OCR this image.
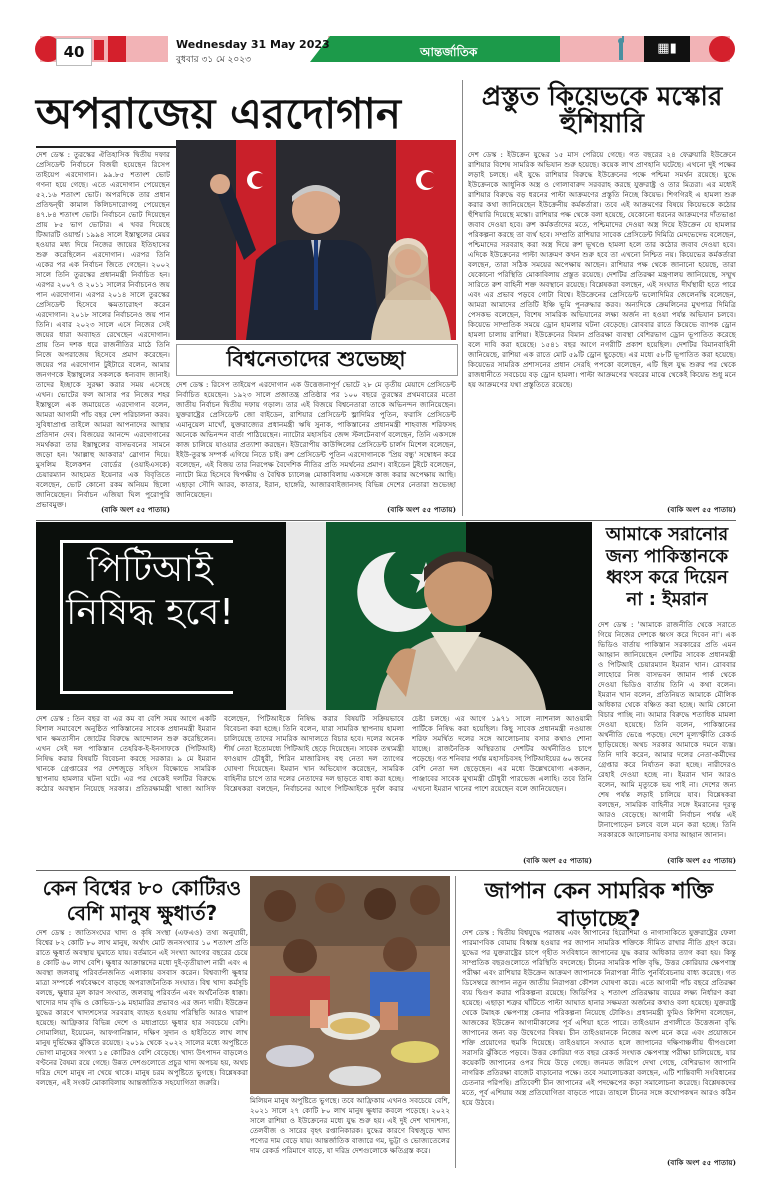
40	Wednesday 31 May 2023
বুধবার ৩১ মে ২০২৩
আন্তর্জাতিক	▦▮
অপরাজেয় এরদোগান
দেশ ডেস্ক : তুরস্কের ঐতিহাসিক দ্বিতীয় দফার প্রেসিডেন্ট নির্বাচনে বিজয়ী হয়েছেন রিসেপ তাইয়েপ এরদোগান। ৯৯.৮৫ শতাংশ ভোট গণনা হয়ে গেছে। এতে এরদোগান পেয়েছেন ৫২.১৬ শতাংশ ভোট। অপরদিকে তার প্রধান প্রতিদ্বন্দ্বী কামাল কিলিচদারোগলু পেয়েছেন ৪৭.৮৪ শতাংশ ভোট। নির্বাচনে ভোট দিয়েছেন প্রায় ৮৫ ভাগ ভোটার। এ খবর দিয়েছে টিআরটি ওয়ার্ল্ড। ১৯৯৪ সালে ইস্তাম্বুলের মেয়র হওয়ার মধ্য দিয়ে নিজের জায়ের ইতিহাসের শুরু করেছিলেন এরদোগান। এরপর তিনি একের পর এক নির্বাচন জিতে গেছেন। ২০০২ সালে তিনি তুরস্কের প্রধানমন্ত্রী নির্বাচিত হন। এরপর ২০০৭ ও ২০১১ সালের নির্বাচনেও জয় পান এরদোগান। এরপর ২০১৪ সালে তুরস্কের প্রেসিডেন্ট হিসেবে ক্ষমতারোহণ করেন এরদোগান। ২০১৮ সালের নির্বাচনেও জয় পান তিনি। এবার ২০২৩ সালে এসে নিজের সেই জয়ের ধারা অব্যাহত রেখেছেন এরদোগান। প্রায় তিন দশক ধরে রাজনীতির মাঠে তিনি নিজে অপরাজেয় হিসেবে প্রমাণ করেছেন। জয়ের পর এরদোগান টুইটারে বলেন, আমার জনগণকে ইস্তাম্বুলের সকলকে ধন্যবাদ জানাই। তাদের ইচ্ছাকে সুরক্ষা করার সময় এসেছে এখন। ভোটের ফল আসার পর নিজের শহর ইস্তাম্বুলে এক জমায়েতে এরদোগান বলেন, আমরা আগামী পাঁচ বছর দেশ পরিচালনা করব। সুবিধাপ্রাপ্ত তাইলে আমরা আপনাদের আস্থার প্রতিদান দেব। বিজয়ের আনন্দে এরদোগানের সমর্থকরা তার ইস্তাম্বুলের বাসভবনের সামনে জড়ো হন। 'আল্লাহু আকবার' স্লোগান দিয়ে। মুসলিম ইলেকশন বোর্ডের (ওয়াইএসকে) চেয়ারম্যান আহমেত ইয়েনার এক বিবৃতিতে বলেছেন, ভোট কোনো রকম অনিয়ম ছিলো জানিয়েছেন। নির্বাচন এজিয়া ঘিল পুরোপুরি প্রভাবমুক্ত।
(বাকি অংশ ৫৫ পাতায়)
বিশ্বনেতাদের শুভেচ্ছা
দেশ ডেস্ক : রিসেপ তাইয়েপ এরদোগান এক উত্তেজনাপূর্ণ ভোটে ২৮ মে তৃতীয় মেয়াদে প্রেসিডেন্ট নির্বাচিত হয়েছেন। ১৯২৩ সালে প্রজাতন্ত্র প্রতিষ্ঠার পর ১০০ বছরে তুরস্কের প্রথমবারের মতো জাতীয় নির্বাচন দ্বিতীয় দফায় গড়াল। তার এই বিজয়ে বিশ্বনেতারা তাকে অভিনন্দন জানিয়েছেন। যুক্তরাষ্ট্রের প্রেসিডেন্ট জো বাইডেন, রাশিয়ার প্রেসিডেন্ট ভ্লাদিমির পুতিন, ফরাসি প্রেসিডেন্ট এমানুয়েল মাখোঁ, যুক্তরাজ্যের প্রধানমন্ত্রী ঋষি সুনাক, পাকিস্তানের প্রধানমন্ত্রী শাহবাজ শরিফসহ অনেকে অভিনন্দন বার্তা পাঠিয়েছেন। ন্যাটোর মহাসচিব জেন্স স্টলটেনবার্গ বলেছেন, তিনি একসঙ্গে কাজ চালিয়ে যাওয়ার প্রত্যাশা করছেন। ইউরোপীয় কাউন্সিলের প্রেসিডেন্ট চার্লস মিশেল বলেছেন, ইইউ-তুরস্ক সম্পর্ক এগিয়ে নিতে চাই। রুশ প্রেসিডেন্ট পুতিন এরদোগানকে 'প্রিয় বন্ধু' সম্বোধন করে বলেছেন, এই বিজয় তার নিরপেক্ষ বৈদেশিক নীতির প্রতি সমর্থনের প্রমাণ। বাইডেন টুইটে বলেছেন, ন্যাটো মিত্র হিসেবে দ্বিপক্ষীয় ও বৈশ্বিক চ্যালেঞ্জ মোকাবিলায় একসঙ্গে কাজ করার অপেক্ষায় আছি। এছাড়া সৌদি আরব, কাতার, ইরান, হাঙ্গেরি, আজারবাইজানসহ বিভিন্ন দেশের নেতারা শুভেচ্ছা জানিয়েছেন।
(বাকি অংশ ৫৫ পাতায়)
প্রস্তুত কিয়েভকে মস্কোর হুঁশিয়ারি
দেশ ডেস্ক : ইউক্রেন যুদ্ধের ১৫ মাস পেরিয়ে গেছে। গত বছরের ২৪ ফেব্রুয়ারি ইউক্রেনে রাশিয়ার বিশেষ সামরিক অভিযান শুরু হয়েছে। কয়েক লাখ প্রাণহানি ঘটেছে। এখনো দুই পক্ষের লড়াই চলছে। এই যুদ্ধে রাশিয়ার বিরুদ্ধে ইউক্রেনের পক্ষে পশ্চিমা সমর্থন রয়েছে। যুদ্ধে ইউক্রেনকে আধুনিক অস্ত্র ও গোলাবারুদ সরবরাহ করছে যুক্তরাষ্ট্র ও তার মিত্ররা। এর মধ্যেই রাশিয়ার বিরুদ্ধে বড় ধরনের পাল্টা আক্রমণের প্রস্তুতি নিচ্ছে কিয়েভ। শিগগিরই এ হামলা শুরু করার কথা জানিয়েছেন ইউক্রেনীয় কর্মকর্তারা। তবে এই আক্রমণের বিষয়ে কিয়েভকে কঠোর হুঁশিয়ারি দিয়েছে মস্কো। রাশিয়ার পক্ষ থেকে বলা হয়েছে, যেকোনো ধরনের আক্রমণের দাঁতভাঙা জবাব দেওয়া হবে। রুশ কর্মকর্তাদের মতে, পশ্চিমাদের দেওয়া অস্ত্র দিয়ে ইউক্রেন যে হামলার পরিকল্পনা করছে তা ব্যর্থ হবে। সম্প্রতি রাশিয়ার সাবেক প্রেসিডেন্ট দিমিত্রি মেদভেদেভ বলেছেন, পশ্চিমাদের সরবরাহ করা অস্ত্র দিয়ে রুশ ভূখণ্ডে হামলা হলে তার কঠোর জবাব দেওয়া হবে। এদিকে ইউক্রেনের পাল্টা আক্রমণ কখন শুরু হবে তা এখনো নিশ্চিত নয়। কিয়েভের কর্মকর্তারা বলছেন, তারা সঠিক সময়ের অপেক্ষায় আছেন। রাশিয়ার পক্ষ থেকে জানানো হয়েছে, তারা যেকোনো পরিস্থিতি মোকাবিলায় প্রস্তুত রয়েছে। দেশটির প্রতিরক্ষা মন্ত্রণালয় জানিয়েছে, সম্মুখ সারিতে রুশ বাহিনী শক্ত অবস্থানে রয়েছে। বিশ্লেষকরা বলছেন, এই সংঘাত দীর্ঘস্থায়ী হতে পারে এবং এর প্রভাব পড়বে গোটা বিশ্বে। ইউক্রেনের প্রেসিডেন্ট ভলোদিমির জেলেনস্কি বলেছেন, আমরা আমাদের প্রতিটি ইঞ্চি ভূমি পুনরুদ্ধার করব। অন্যদিকে ক্রেমলিনের মুখপাত্র দিমিত্রি পেসকভ বলেছেন, বিশেষ সামরিক অভিযানের লক্ষ্য অর্জন না হওয়া পর্যন্ত অভিযান চলবে। কিয়েভে সাম্প্রতিক সময়ে ড্রোন হামলার ঘটনা বেড়েছে। রোববার রাতে কিয়েভে ব্যাপক ড্রোন হামলা চালায় রাশিয়া। ইউক্রেনের বিমান প্রতিরক্ষা ব্যবস্থা বেশিরভাগ ড্রোন ভূপাতিত করেছে বলে দাবি করা হয়েছে। ১৫৪১ বছর আগে নগরীটি প্রকাশ হয়েছিল। দেশটির বিমানবাহিনী জানিয়েছে, রাশিয়া এক রাতে মোট ৫৯টি ড্রোন ছুড়েছে। এর মধ্যে ৫৮টি ভূপাতিত করা হয়েছে। কিয়েভের সামরিক প্রশাসনের প্রধান সেরহি পপকো বলেছেন, এটি ছিল যুদ্ধ শুরুর পর থেকে রাজধানীতে সবচেয়ে বড় ড্রোন হামলা। পাল্টা আক্রমণের খবরের মাঝে থেকেই কিয়েভ শুধু মনে হয় আক্রমণের যথা প্রস্তুতিতে রয়েছে।
(বাকি অংশ ৫৫ পাতায়)
পিটিআই নিষিদ্ধ হবে!
দেশ ডেস্ক : তিন বছর বা এর কম বা বেশি সময় আগে একটি বিশাল সমাবেশে অনুষ্ঠিত পাকিস্তানের সাবেক প্রধানমন্ত্রী ইমরান খান ক্ষমতাসীন জোটের বিরুদ্ধে আন্দোলন শুরু করেছিলেন। এখন সেই দল পাকিস্তান তেহরিক-ই-ইনসাফকে (পিটিআই) নিষিদ্ধ করার বিষয়টি বিবেচনা করছে সরকার। ৯ মে ইমরান খানকে গ্রেপ্তারের পর দেশজুড়ে সহিংস বিক্ষোভে সামরিক স্থাপনায় হামলার ঘটনা ঘটে। এর পর থেকেই দলটির বিরুদ্ধে কঠোর অবস্থান নিয়েছে সরকার। প্রতিরক্ষামন্ত্রী খাজা আসিফ বলেছেন, পিটিআইকে নিষিদ্ধ করার বিষয়টি সক্রিয়ভাবে বিবেচনা করা হচ্ছে। তিনি বলেন, যারা সামরিক স্থাপনায় হামলা চালিয়েছে তাদের সামরিক আদালতে বিচার হবে। দলের অনেক শীর্ষ নেতা ইতোমধ্যে পিটিআই ছেড়ে দিয়েছেন। সাবেক তথ্যমন্ত্রী ফাওয়াদ চৌধুরী, শিরিন মাজারিসহ বহু নেতা দল ত্যাগের ঘোষণা দিয়েছেন। ইমরান খান অভিযোগ করেছেন, সামরিক বাহিনীর চাপে তার দলের নেতাদের দল ছাড়তে বাধ্য করা হচ্ছে। বিশ্লেষকরা বলছেন, নির্বাচনের আগে পিটিআইকে দুর্বল করার চেষ্টা চলছে। এর আগে ১৯৭১ সালে ন্যাশনাল আওয়ামী পার্টিকে নিষিদ্ধ করা হয়েছিল। কিছু সাবেক প্রধানমন্ত্রী নওয়াজ শরিফ সমর্থিত দলের সঙ্গে আলোচনায় বসার কথাও শোনা যাচ্ছে। রাজনৈতিক অস্থিরতায় দেশটির অর্থনীতিও চাপে পড়েছে। গত শনিবার পর্যন্ত মহাসচিবসহ পিটিআইয়ের ৬০ জনের বেশি নেতা দল ছেড়েছেন। এর মধ্যে উল্লেখযোগ্য একজন, পাঞ্জাবের সাবেক মুখ্যমন্ত্রী চৌধুরী পারভেজ এলাহি। তবে তিনি এখনো ইমরান খানের পাশে রয়েছেন বলে জানিয়েছেন।
(বাকি অংশ ৫৫ পাতায়)
আমাকে সরানোর জন্য পাকিস্তানকে ধ্বংস করে দিয়েন না : ইমরান
দেশ ডেস্ক : 'আমাকে রাজনীতি থেকে সরাতে গিয়ে নিজের দেশকে ধ্বংস করে দিবেন না'। এক ভিডিও বার্তায় পাকিস্তান সরকারের প্রতি এমন আহ্বান জানিয়েছেন দেশটির সাবেক প্রধানমন্ত্রী ও পিটিআই চেয়ারম্যান ইমরান খান। রোববার লাহোরে নিজ বাসভবন জামান পার্ক থেকে দেওয়া ভিডিও বার্তায় তিনি এ কথা বলেন। ইমরান খান বলেন, প্রতিনিয়ত আমাকে মৌলিক অধিকার থেকে বঞ্চিত করা হচ্ছে। আমি কোনো বিচার পাচ্ছি না। আমার বিরুদ্ধে শতাধিক মামলা দেওয়া হয়েছে। তিনি বলেন, পাকিস্তানের অর্থনীতি ভেঙে পড়ছে। দেশে মূল্যস্ফীতি রেকর্ড ছাড়িয়েছে। অথচ সরকার আমাকে দমনে ব্যস্ত। তিনি দাবি করেন, আমার দলের নেতা-কর্মীদের গ্রেপ্তার করে নির্যাতন করা হচ্ছে। নারীদেরও রেহাই দেওয়া হচ্ছে না। ইমরান খান আরও বলেন, আমি মৃত্যুকে ভয় পাই না। দেশের জন্য শেষ পর্যন্ত লড়াই চালিয়ে যাব। বিশ্লেষকরা বলছেন, সামরিক বাহিনীর সঙ্গে ইমরানের দূরত্ব আরও বেড়েছে। আগামী নির্বাচন পর্যন্ত এই টানাপোড়েন চলবে বলে মনে করা হচ্ছে। তিনি সরকারকে আলোচনায় বসার আহ্বান জানান।
(বাকি অংশ ৫৫ পাতায়)
কেন বিশ্বের ৮০ কোটিরও বেশি মানুষ ক্ষুধার্ত?
দেশ ডেস্ক : জাতিসংঘের খাদ্য ও কৃষি সংস্থা (এফএও) তথ্য অনুযায়ী, বিশ্বের ৮২ কোটি ৮০ লাখ মানুষ, অর্থাৎ মোট জনসংখ্যার ১০ শতাংশ প্রতি রাতে ক্ষুধার্ত অবস্থায় ঘুমাতে যায়। বর্তমানে এই সংখ্যা আগের বছরের চেয়ে ৪ কোটি ৬০ লাখ বেশি। ক্ষুধার আক্রান্তদের মধ্যে দুই-তৃতীয়াংশ নারী এবং এ অবস্থা জলবায়ু পরিবর্তনজনিত এলাকায় বসবাস করেন। বিশ্বব্যাপী ক্ষুধার মাত্রা সম্পর্কে পর্যবেক্ষণে বাড়ছে অপরাজনৈতিক সংঘাত। বিশ্ব খাদ্য কর্মসূচি বলছে, ক্ষুধার মূল কারণ সংঘাত, জলবায়ু পরিবর্তন এবং অর্থনৈতিক ধাক্কা। খাদ্যের দাম বৃদ্ধি ও কোভিড-১৯ মহামারির প্রভাবও এর জন্য দায়ী। ইউক্রেন যুদ্ধের কারণে খাদ্যশস্যের সরবরাহ ব্যাহত হওয়ায় পরিস্থিতি আরও খারাপ হয়েছে। আফ্রিকার বিভিন্ন দেশে ও মধ্যপ্রাচ্যে ক্ষুধার হার সবচেয়ে বেশি। সোমালিয়া, ইয়েমেন, আফগানিস্তান, দক্ষিণ সুদান ও হাইতিতে লাখ লাখ মানুষ দুর্ভিক্ষের ঝুঁকিতে রয়েছে। ২০১৯ থেকে ২০২২ সালের মধ্যে অপুষ্টিতে ভোগা মানুষের সংখ্যা ১৫ কোটিরও বেশি বেড়েছে। খাদ্য উৎপাদন বাড়লেও বণ্টনের বৈষম্য রয়ে গেছে। উন্নত দেশগুলোতে প্রচুর খাদ্য অপচয় হয়, অথচ দরিদ্র দেশে মানুষ না খেয়ে থাকে। মানুষ চরম অপুষ্টিতে ভুগছে। বিশ্লেষকরা বলছেন, এই সংকট মোকাবিলায় আন্তর্জাতিক সহযোগিতা জরুরি।
মিলিয়ন মানুষ অপুষ্টিতে ভুগছে। তবে আফ্রিকায় এখনও সবচেয়ে বেশি, ২০২১ সালে ২৭ কোটি ৮০ লাখ মানুষ ক্ষুধার কবলে পড়েছে। ২০২২ সালে রাশিয়া ও ইউক্রেনের মধ্যে যুদ্ধ শুরু হয়। এই দুই দেশ খাদ্যশস্য, তেলবীজ ও সারের বৃহৎ রপ্তানিকারক। যুদ্ধের কারণে বিশ্বজুড়ে খাদ্য পণ্যের দাম বেড়ে যায়। আন্তর্জাতিক বাজারে গম, ভুট্টা ও ভোজ্যতেলের দাম রেকর্ড পরিমাণে বাড়ে, যা দরিদ্র দেশগুলোকে ক্ষতিগ্রস্ত করে।
জাপান কেন সামরিক শক্তি বাড়াচ্ছে?
দেশ ডেস্ক : দ্বিতীয় বিশ্বযুদ্ধে পরাজয় এবং জাপানের হিরোশিমা ও নাগাসাকিতে যুক্তরাষ্ট্রের ফেলা পারমাণবিক বোমায় বিধ্বস্ত হওয়ার পর জাপান সামরিক শক্তিকে সীমিত রাখার নীতি গ্রহণ করে। যুদ্ধের পর যুক্তরাষ্ট্রের চাপে গৃহীত সংবিধানে জাপানের যুদ্ধ করার অধিকার ত্যাগ করা হয়। কিন্তু সাম্প্রতিক বছরগুলোতে পরিস্থিতি বদলেছে। চীনের সামরিক শক্তি বৃদ্ধি, উত্তর কোরিয়ার ক্ষেপণাস্ত্র পরীক্ষা এবং রাশিয়ার ইউক্রেন আক্রমণ জাপানকে নিরাপত্তা নীতি পুনর্বিবেচনায় বাধ্য করেছে। গত ডিসেম্বরে জাপান নতুন জাতীয় নিরাপত্তা কৌশল ঘোষণা করে। এতে আগামী পাঁচ বছরে প্রতিরক্ষা ব্যয় দ্বিগুণ করার পরিকল্পনা রয়েছে। জিডিপির ২ শতাংশ প্রতিরক্ষায় ব্যয়ের লক্ষ্য নির্ধারণ করা হয়েছে। এছাড়া শত্রুর ঘাঁটিতে পাল্টা আঘাত হানার সক্ষমতা অর্জনের কথাও বলা হয়েছে। যুক্তরাষ্ট্র থেকে টমাহক ক্ষেপণাস্ত্র কেনার পরিকল্পনা নিয়েছে টোকিও। প্রধানমন্ত্রী ফুমিও কিশিদা বলেছেন, আজকের ইউক্রেন আগামীকালের পূর্ব এশিয়া হতে পারে। তাইওয়ান প্রণালীতে উত্তেজনা বৃদ্ধি জাপানের জন্য বড় উদ্বেগের বিষয়। চীন তাইওয়ানকে নিজের অংশ মনে করে এবং প্রয়োজনে শক্তি প্রয়োগের হুমকি দিয়েছে। তাইওয়ানে সংঘাত হলে জাপানের দক্ষিণাঞ্চলীয় দ্বীপগুলো সরাসরি ঝুঁকিতে পড়বে। উত্তর কোরিয়া গত বছর রেকর্ড সংখ্যক ক্ষেপণাস্ত্র পরীক্ষা চালিয়েছে, যার কয়েকটি জাপানের ওপর দিয়ে উড়ে গেছে। জনমত জরিপে দেখা গেছে, বেশিরভাগ জাপানি নাগরিক প্রতিরক্ষা বাজেট বাড়ানোর পক্ষে। তবে সমালোচকরা বলছেন, এটি শান্তিবাদী সংবিধানের চেতনার পরিপন্থি। প্রতিবেশী চীন জাপানের এই পদক্ষেপের কড়া সমালোচনা করেছে। বিশ্লেষকদের মতে, পূর্ব এশিয়ায় অস্ত্র প্রতিযোগিতা বাড়তে পারে। তাহলে চীনের সঙ্গে কথোপকথন আরও কঠিন হয়ে উঠবে।
(বাকি অংশ ৫৫ পাতায়)
